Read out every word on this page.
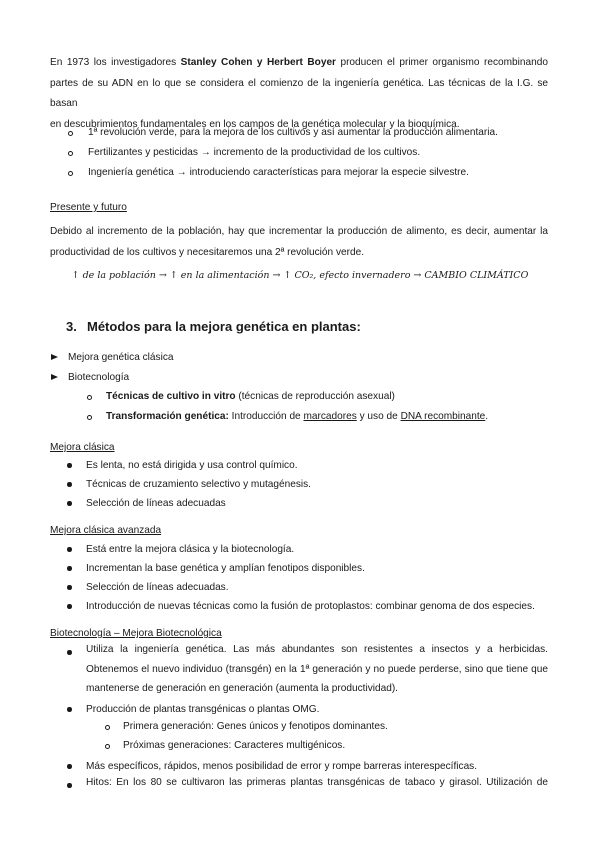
En 1973 los investigadores Stanley Cohen y Herbert Boyer producen el primer organismo recombinando
partes de su ADN en lo que se considera el comienzo de la ingeniería genética. Las técnicas de la I.G. se basan
en descubrimientos fundamentales en los campos de la genética molecular y la bioquímica.
1ª revolución verde, para la mejora de los cultivos y así aumentar la producción alimentaria.
Fertilizantes y pesticidas → incremento de la productividad de los cultivos.
Ingeniería genética → introduciendo características para mejorar la especie silvestre.
Presente y futuro
Debido al incremento de la población, hay que incrementar la producción de alimento, es decir, aumentar la
productividad de los cultivos y necesitaremos una 2ª revolución verde.
↑ de la población → ↑ en la alimentación → ↑ CO₂, efecto invernadero → CAMBIO CLIMÁTICO
3. Métodos para la mejora genética en plantas:
Mejora genética clásica
Biotecnología
Técnicas de cultivo in vitro (técnicas de reproducción asexual)
Transformación genética: Introducción de marcadores y uso de DNA recombinante.
Mejora clásica
Es lenta, no está dirigida y usa control químico.
Técnicas de cruzamiento selectivo y mutagénesis.
Selección de líneas adecuadas
Mejora clásica avanzada
Está entre la mejora clásica y la biotecnología.
Incrementan la base genética y amplían fenotipos disponibles.
Selección de líneas adecuadas.
Introducción de nuevas técnicas como la fusión de protoplastos: combinar genoma de dos especies.
Biotecnología – Mejora Biotecnológica
Utiliza la ingeniería genética. Las más abundantes son resistentes a insectos y a herbicidas.
Obtenemos el nuevo individuo (transgén) en la 1ª generación y no puede perderse, sino que tiene que
mantenerse de generación en generación (aumenta la productividad).
Producción de plantas transgénicas o plantas OMG.
Primera generación: Genes únicos y fenotipos dominantes.
Próximas generaciones: Caracteres multigénicos.
Más específicos, rápidos, menos posibilidad de error y rompe barreras interespecíficas.
Hitos: En los 80 se cultivaron las primeras plantas transgénicas de tabaco y girasol. Utilización de
